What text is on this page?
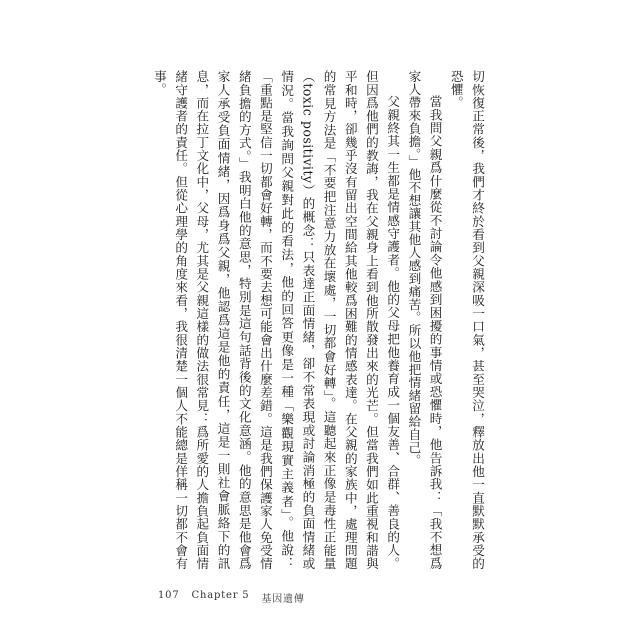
切恢復正常後，我們才終於看到父親深吸一口氣，甚至哭泣，釋放出他一直默默承受的恐懼。

當我問父親爲什麼從不討論令他感到困擾的事情或恐懼時，他告訴我：「我不想爲家人帶來負擔。」他不想讓其他人感到痛苦。所以他把情緒留給自己。

父親終其一生都是情感守護者。他的父母把他養育成一個友善、合群、善良的人。但因爲他們的教誨，我在父親身上看到他所散發出來的光芒。但當我們如此重視和諧與平和時，卻幾乎沒有留出空間給其他較爲困難的情感表達。在父親的家族中，處理問題的常見方法是「不要把注意力放在壞處，一切都會好轉」。這聽起來正像是毒性正能量（toxic positivity）的概念：只表達正面情緒，卻不常表現或討論消極的負面情緒或情況。當我詢問父親對此的看法，他的回答更像是一種「樂觀現實主義者」。他說：「重點是堅信一切都會好轉，而不要去想可能會出什麼差錯。這是我們保護家人免受情緒負擔的方式。」我明白他的意思，特別是這句話背後的文化意涵。他的意思是他會爲家人承受負面情緒，因爲身爲父親，他認爲這是他的責任，這是一則社會脈絡下的訊息，而在拉丁文化中，父母，尤其是父親這樣的做法很常見：爲所愛的人擔負起負面情緒守護者的責任。但從心理學的角度來看，我很清楚一個人不能總是佯稱一切都不會有事。

107 Chapter 5 基因遺傳
